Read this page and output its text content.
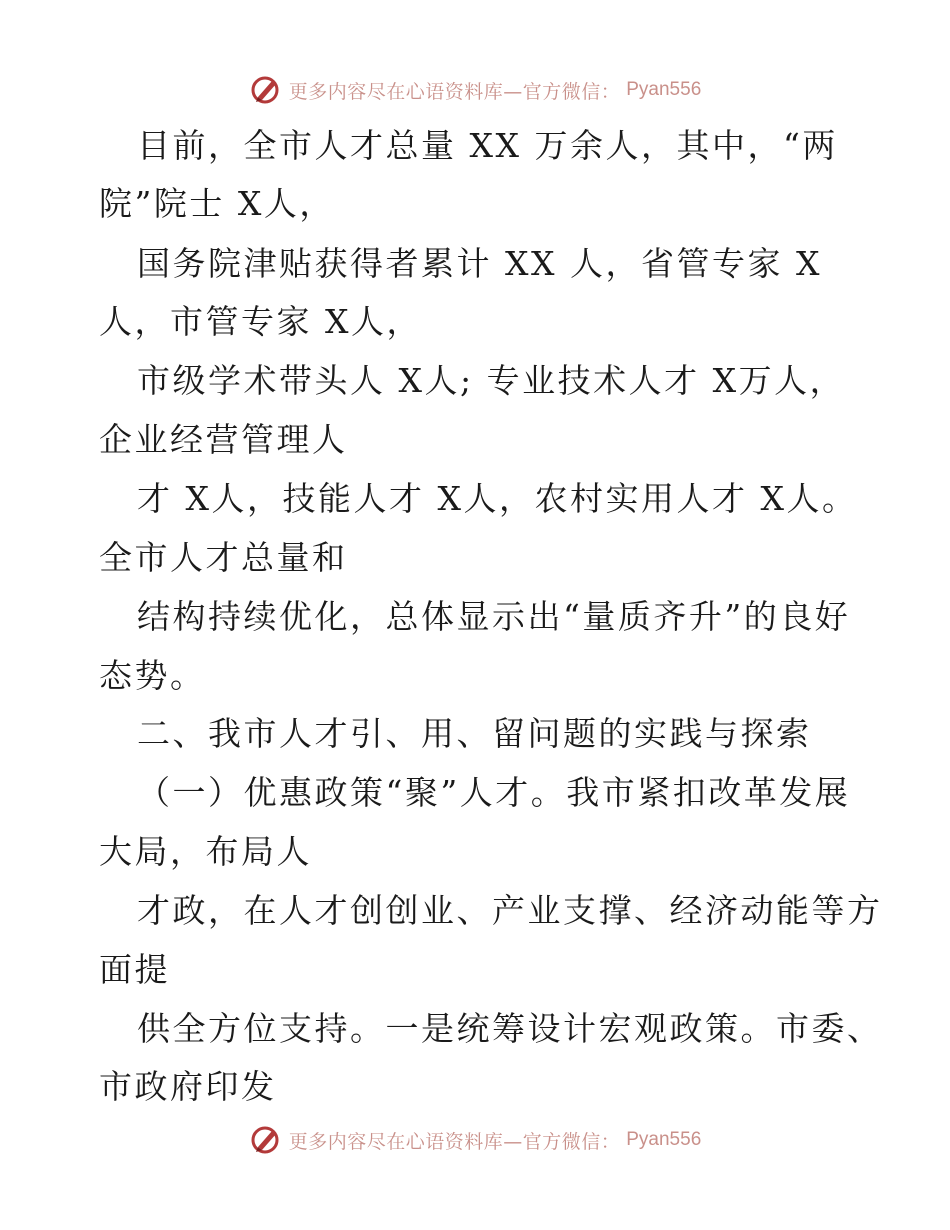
更多内容尽在心语资料库—官方微信： Pyan556
目前，全市人才总量 XX 万余人，其中，“两
院”院士 X人，
国务院津贴获得者累计 XX 人，省管专家 X
人，市管专家 X人，
市级学术带头人 X人; 专业技术人才 X万人，
企业经营管理人
才 X人，技能人才 X人，农村实用人才 X人。
全市人才总量和
结构持续优化，总体显示出“量质齐升”的良好
态势。
二、我市人才引、用、留问题的实践与探索
（一）优惠政策“聚”人才。我市紧扣改革发展
大局，布局人
才政，在人才创创业、产业支撑、经济动能等方
面提
供全方位支持。一是统筹设计宏观政策。市委、
市政府印发
更多内容尽在心语资料库—官方微信： Pyan556
